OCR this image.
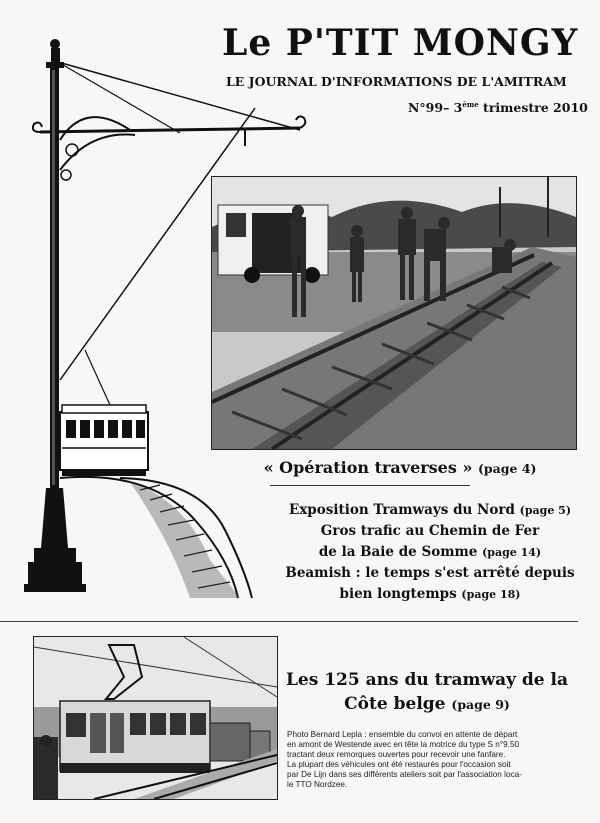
Le P'TIT MONGY
LE JOURNAL D'INFORMATIONS DE L'AMITRAM
N°99– 3ème trimestre 2010
« Opération traverses » (page 4)
Exposition Tramways du Nord (page 5)
Gros trafic au Chemin de Fer
de la Baie de Somme (page 14)
Beamish : le temps s'est arrêté depuis
bien longtemps (page 18)
Les 125 ans du tramway de la
Côte belge (page 9)
Photo Bernard Lepla : ensemble du convoi en attente de départ
en amont de Westende avec en tête la motrice du type S n°9.50
tractant deux remorques ouvertes pour recevoir une fanfare.
La plupart des véhicules ont été restaurés pour l'occasion soit
par De Lijn dans ses différents ateliers soit par l'association loca-
le TTO Nordzee.
